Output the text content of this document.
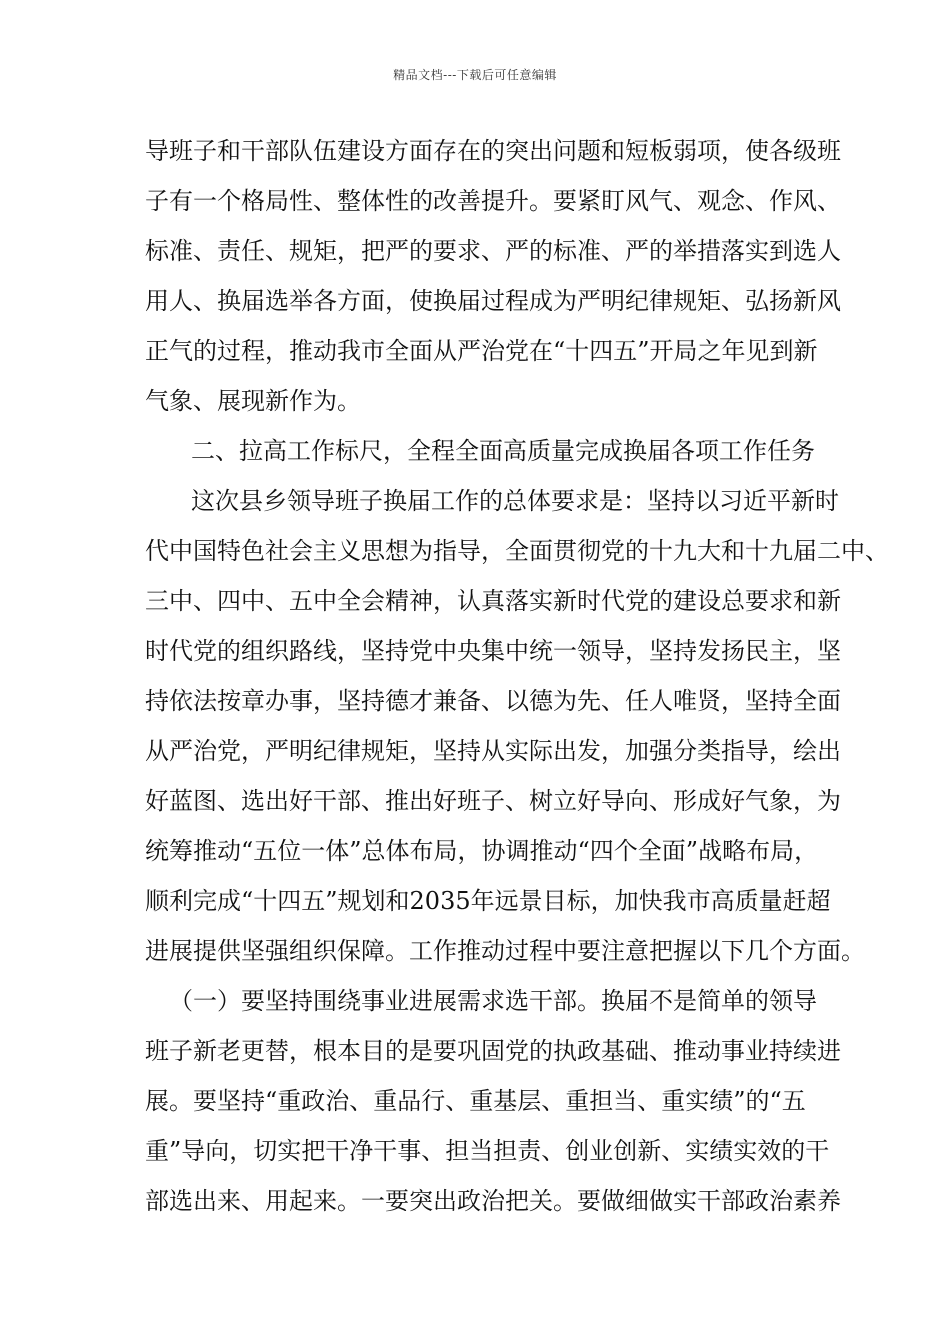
精品文档---下载后可任意编辑
导班子和干部队伍建设方面存在的突出问题和短板弱项，使各级班
子有一个格局性、整体性的改善提升。要紧盯风气、观念、作风、
标准、责任、规矩，把严的要求、严的标准、严的举措落实到选人
用人、换届选举各方面，使换届过程成为严明纪律规矩、弘扬新风
正气的过程，推动我市全面从严治党在“十四五”开局之年见到新
气象、展现新作为。
二、拉高工作标尺，全程全面高质量完成换届各项工作任务
这次县乡领导班子换届工作的总体要求是：坚持以习近平新时
代中国特色社会主义思想为指导，全面贯彻党的十九大和十九届二中、
三中、四中、五中全会精神，认真落实新时代党的建设总要求和新
时代党的组织路线，坚持党中央集中统一领导，坚持发扬民主，坚
持依法按章办事，坚持德才兼备、以德为先、任人唯贤，坚持全面
从严治党，严明纪律规矩，坚持从实际出发，加强分类指导，绘出
好蓝图、选出好干部、推出好班子、树立好导向、形成好气象，为
统筹推动“五位一体”总体布局，协调推动“四个全面”战略布局，
顺利完成“十四五”规划和2035年远景目标，加快我市高质量赶超
进展提供坚强组织保障。工作推动过程中要注意把握以下几个方面。
（一）要坚持围绕事业进展需求选干部。换届不是简单的领导
班子新老更替，根本目的是要巩固党的执政基础、推动事业持续进
展。要坚持“重政治、重品行、重基层、重担当、重实绩”的“五
重”导向，切实把干净干事、担当担责、创业创新、实绩实效的干
部选出来、用起来。一要突出政治把关。要做细做实干部政治素养
